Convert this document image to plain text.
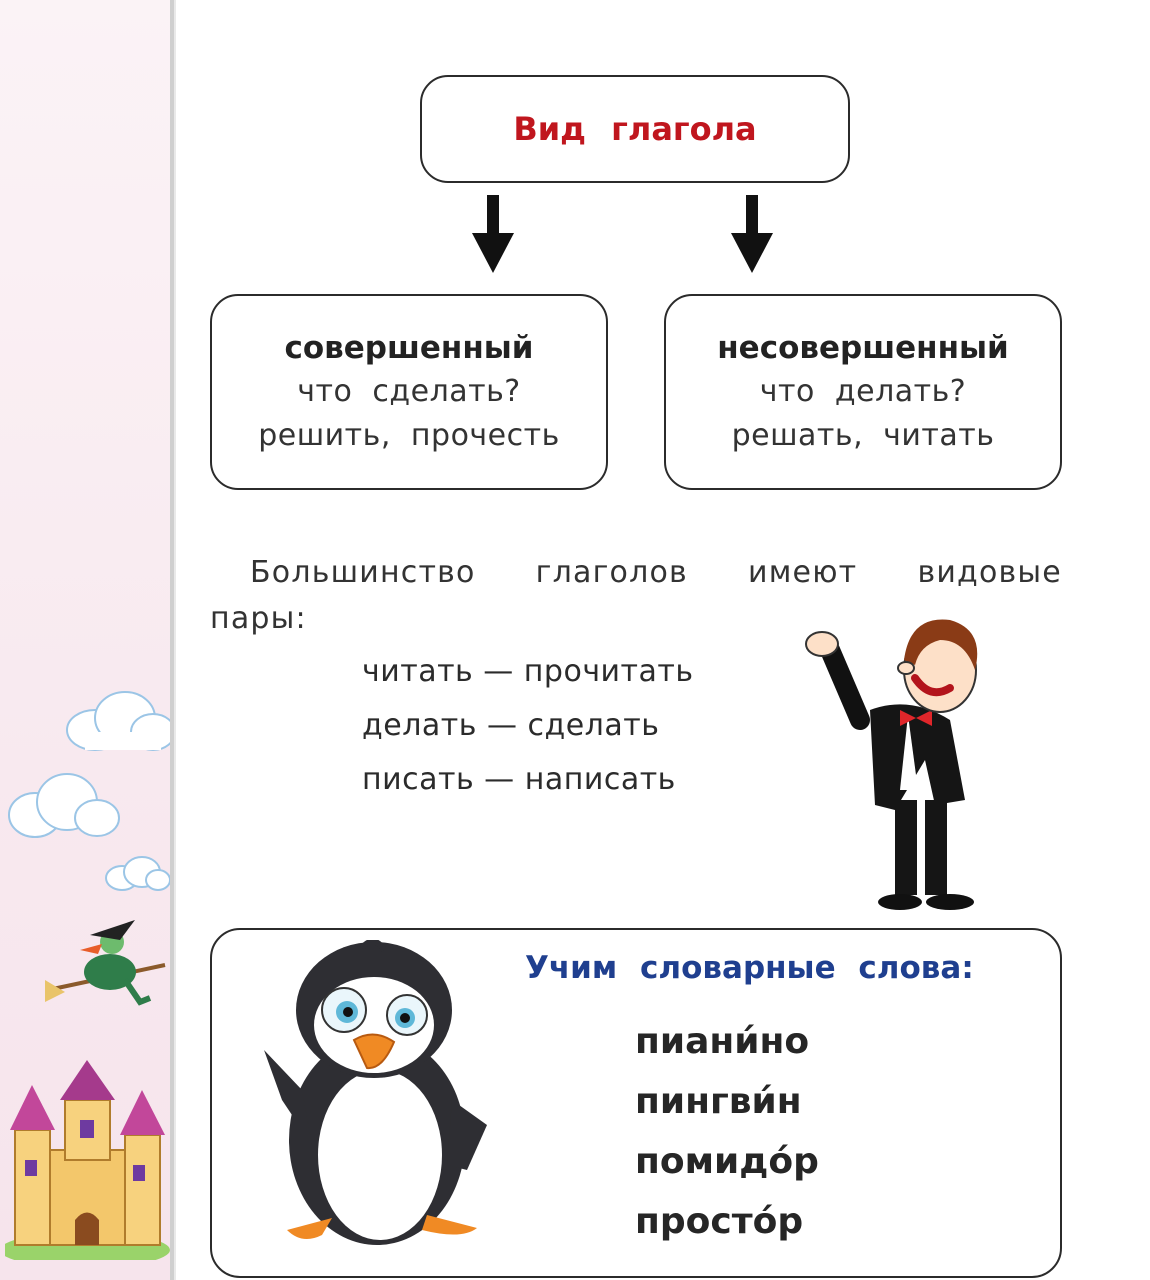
Вид глагола
совершенный
что сделать?
решить, прочесть
несовершенный
что делать?
решать, читать
Большинство глаголов имеют видовые
пары:
читать — прочитать
делать — сделать
писать — написать
Учим словарные слова:
пиани́но
пингви́н
помидо́р
просто́р
